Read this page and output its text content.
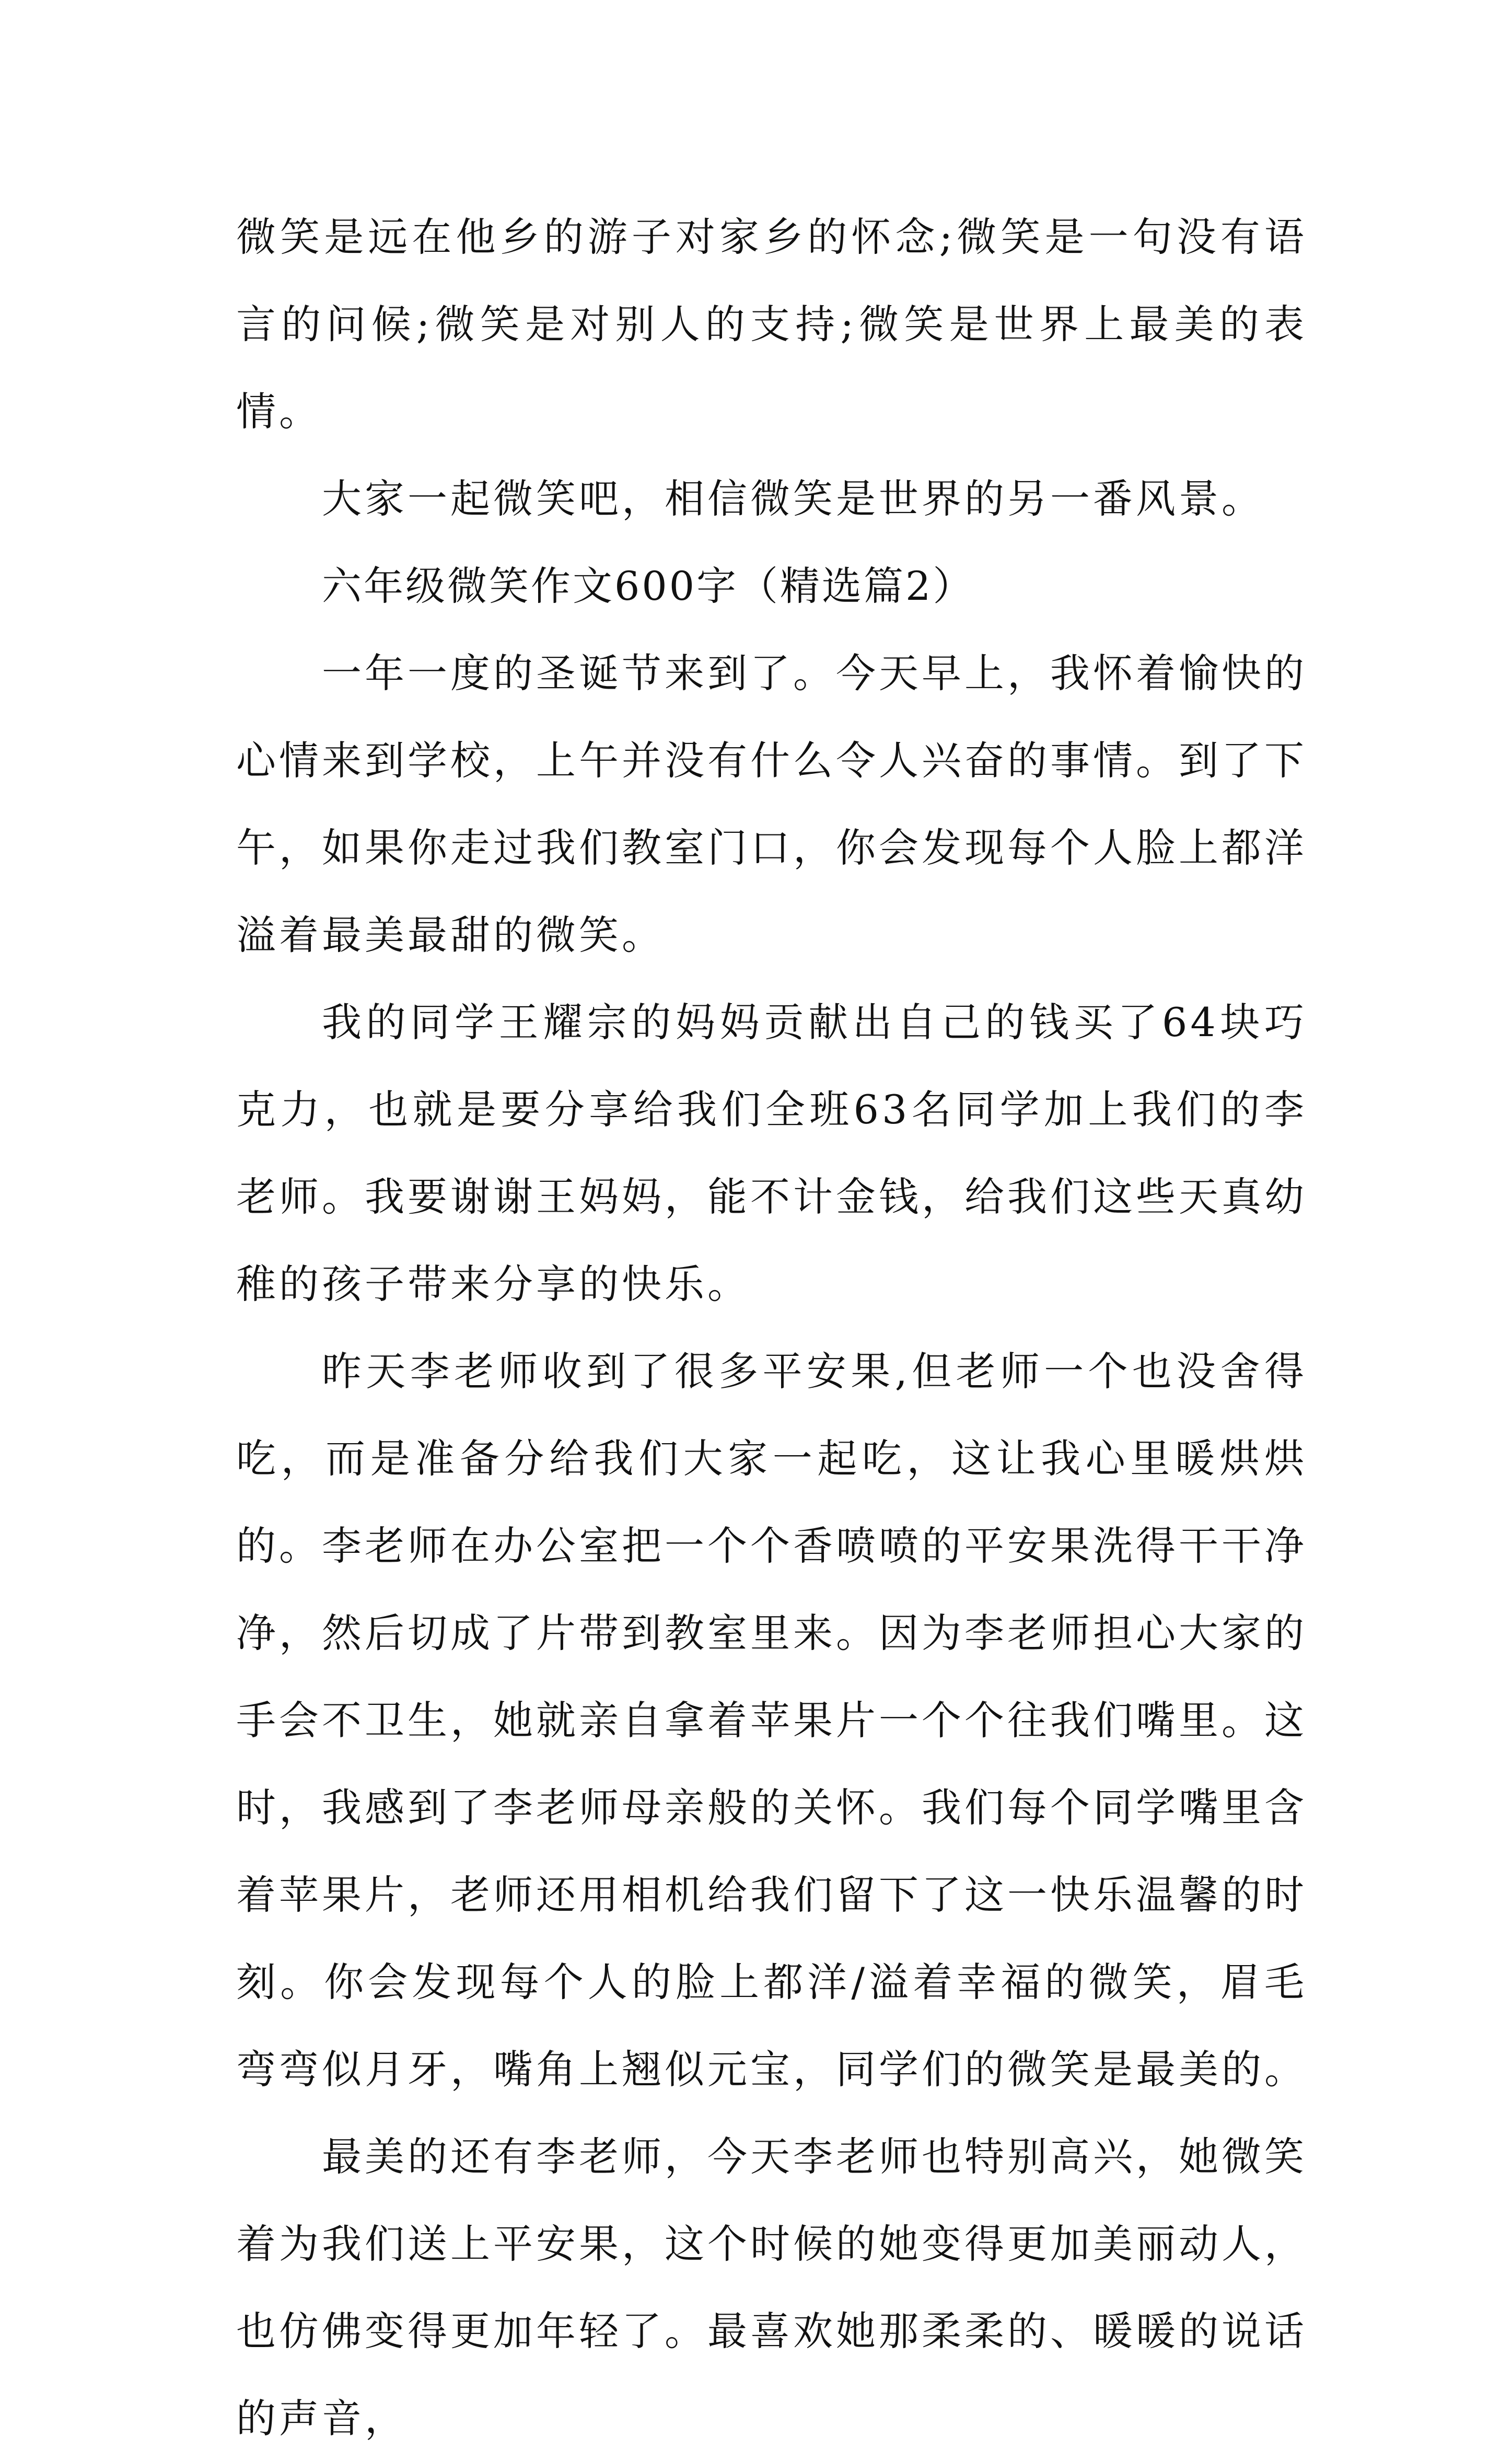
微笑是远在他乡的游子对家乡的怀念;微笑是一句没有语言的问候;微笑是对别人的支持;微笑是世界上最美的表情。

大家一起微笑吧，相信微笑是世界的另一番风景。

六年级微笑作文600字（精选篇2）

一年一度的圣诞节来到了。今天早上，我怀着愉快的心情来到学校，上午并没有什么令人兴奋的事情。到了下午，如果你走过我们教室门口，你会发现每个人脸上都洋溢着最美最甜的微笑。

我的同学王耀宗的妈妈贡献出自己的钱买了64块巧克力，也就是要分享给我们全班63名同学加上我们的李老师。我要谢谢王妈妈，能不计金钱，给我们这些天真幼稚的孩子带来分享的快乐。

昨天李老师收到了很多平安果,但老师一个也没舍得吃，而是准备分给我们大家一起吃，这让我心里暖烘烘的。李老师在办公室把一个个香喷喷的平安果洗得干干净净，然后切成了片带到教室里来。因为李老师担心大家的手会不卫生，她就亲自拿着苹果片一个个往我们嘴里。这时，我感到了李老师母亲般的关怀。我们每个同学嘴里含着苹果片，老师还用相机给我们留下了这一快乐温馨的时刻。你会发现每个人的脸上都洋/溢着幸福的微笑，眉毛弯弯似月牙，嘴角上翘似元宝，同学们的微笑是最美的。

最美的还有李老师，今天李老师也特别高兴，她微笑着为我们送上平安果，这个时候的她变得更加美丽动人，也仿佛变得更加年轻了。最喜欢她那柔柔的、暖暖的说话的声音，
